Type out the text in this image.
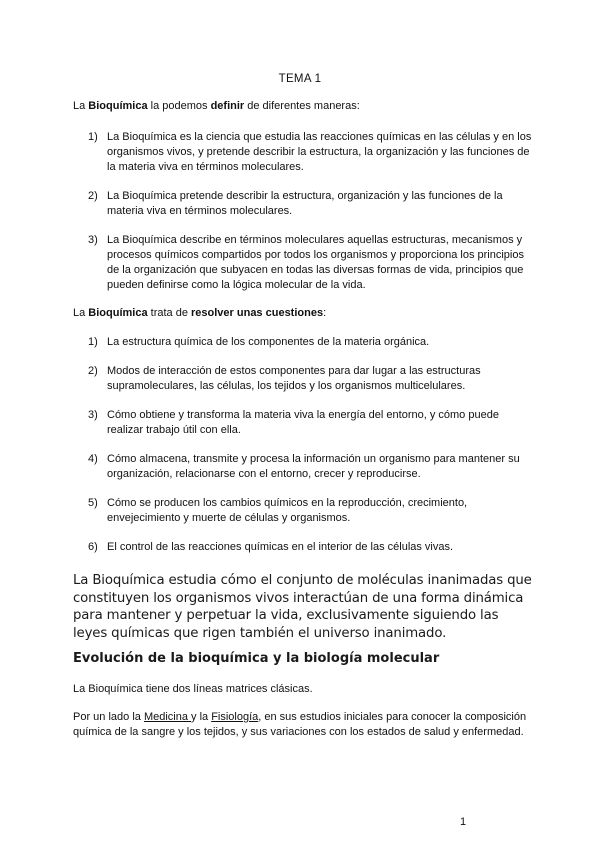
TEMA 1

La Bioquímica la podemos definir de diferentes maneras:

1) La Bioquímica es la ciencia que estudia las reacciones químicas en las células y en los organismos vivos, y pretende describir la estructura, la organización y las funciones de la materia viva en términos moleculares.
2) La Bioquímica pretende describir la estructura, organización y las funciones de la materia viva en términos moleculares.
3) La Bioquímica describe en términos moleculares aquellas estructuras, mecanismos y procesos químicos compartidos por todos los organismos y proporciona los principios de la organización que subyacen en todas las diversas formas de vida, principios que pueden definirse como la lógica molecular de la vida.

La Bioquímica trata de resolver unas cuestiones:

1) La estructura química de los componentes de la materia orgánica.
2) Modos de interacción de estos componentes para dar lugar a las estructuras supramoleculares, las células, los tejidos y los organismos multicelulares.
3) Cómo obtiene y transforma la materia viva la energía del entorno, y cómo puede realizar trabajo útil con ella.
4) Cómo almacena, transmite y procesa la información un organismo para mantener su organización, relacionarse con el entorno, crecer y reproducirse.
5) Cómo se producen los cambios químicos en la reproducción, crecimiento, envejecimiento y muerte de células y organismos.
6) El control de las reacciones químicas en el interior de las células vivas.

La Bioquímica estudia cómo el conjunto de moléculas inanimadas que constituyen los organismos vivos interactúan de una forma dinámica para mantener y perpetuar la vida, exclusivamente siguiendo las leyes químicas que rigen también el universo inanimado.

Evolución de la bioquímica y la biología molecular

La Bioquímica tiene dos líneas matrices clásicas.

Por un lado la Medicina y la Fisiología, en sus estudios iniciales para conocer la composición química de la sangre y los tejidos, y sus variaciones con los estados de salud y enfermedad.

1
